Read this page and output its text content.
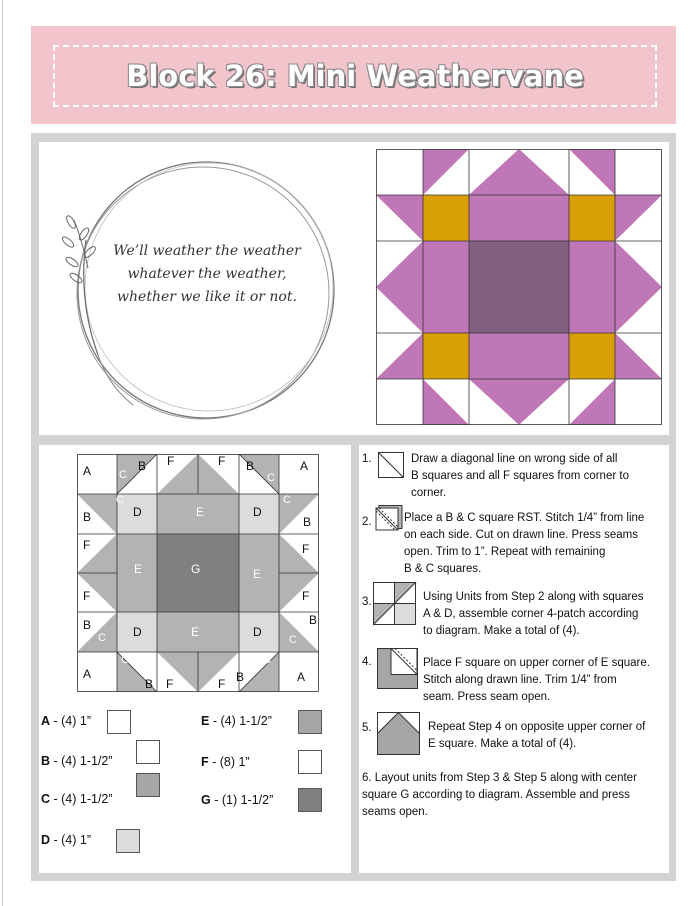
Block 26: Mini Weathervane
We’ll weather the weather
whatever the weather,
whether we like it or not.
A	B
C
F	F B
C
A
C
B	D	E	D
C
B
F	F
E	G	E
F	F
B
C D	E	D
B
C
C	C
A
B F	F B	A
A - (4) 1”
B - (4) 1-1/2”
C - (4) 1-1/2”
D - (4) 1”
E - (4) 1-1/2”
F - (8) 1”
G - (1) 1-1/2”
1.	Draw a diagonal line on wrong side of all
B squares and all F squares from corner to
corner.
2.	Place a B & C square RST. Stitch 1/4” from line
on each side. Cut on drawn line. Press seams
open. Trim to 1”. Repeat with remaining
B & C squares.
3.	Using Units from Step 2 along with squares
A & D, assemble corner 4-patch according
to diagram. Make a total of (4).
4.	Place F square on upper corner of E square.
Stitch along drawn line. Trim 1/4” from
seam. Press seam open.
5.	Repeat Step 4 on opposite upper corner of
E square. Make a total of (4).
6. Layout units from Step 3 & Step 5 along with center
square G according to diagram. Assemble and press
seams open.
